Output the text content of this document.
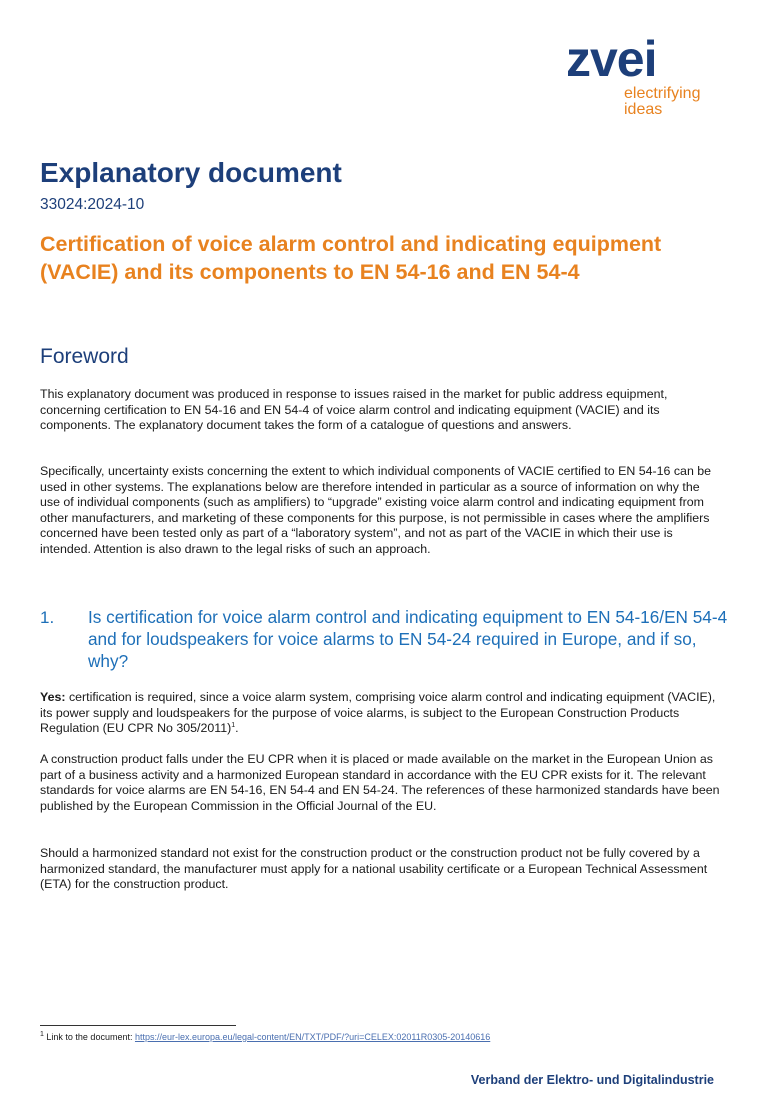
zvei
electrifying
ideas
Explanatory document
33024:2024-10
Certification of voice alarm control and indicating equipment (VACIE) and its components to EN 54-16 and EN 54-4
Foreword

This explanatory document was produced in response to issues raised in the market for public address equipment, concerning certification to EN 54-16 and EN 54-4 of voice alarm control and indicating equipment (VACIE) and its components. The explanatory document takes the form of a catalogue of questions and answers.

Specifically, uncertainty exists concerning the extent to which individual components of VACIE certified to EN 54-16 can be used in other systems. The explanations below are therefore intended in particular as a source of information on why the use of individual components (such as amplifiers) to “upgrade” existing voice alarm control and indicating equipment from other manufacturers, and marketing of these components for this purpose, is not permissible in cases where the amplifiers concerned have been tested only as part of a “laboratory system”, and not as part of the VACIE in which their use is intended. Attention is also drawn to the legal risks of such an approach.

1. Is certification for voice alarm control and indicating equipment to EN 54-16/EN 54-4 and for loudspeakers for voice alarms to EN 54-24 required in Europe, and if so, why?

Yes: certification is required, since a voice alarm system, comprising voice alarm control and indicating equipment (VACIE), its power supply and loudspeakers for the purpose of voice alarms, is subject to the European Construction Products Regulation (EU CPR No 305/2011)$^1$.

A construction product falls under the EU CPR when it is placed or made available on the market in the European Union as part of a business activity and a harmonized European standard in accordance with the EU CPR exists for it. The relevant standards for voice alarms are EN 54-16, EN 54-4 and EN 54-24. The references of these harmonized standards have been published by the European Commission in the Official Journal of the EU.

Should a harmonized standard not exist for the construction product or the construction product not be fully covered by a harmonized standard, the manufacturer must apply for a national usability certificate or a European Technical Assessment (ETA) for the construction product.

$^1$ Link to the document: https://eur-lex.europa.eu/legal-content/EN/TXT/PDF/?uri=CELEX:02011R0305-20140616
Verband der Elektro- und Digitalindustrie
